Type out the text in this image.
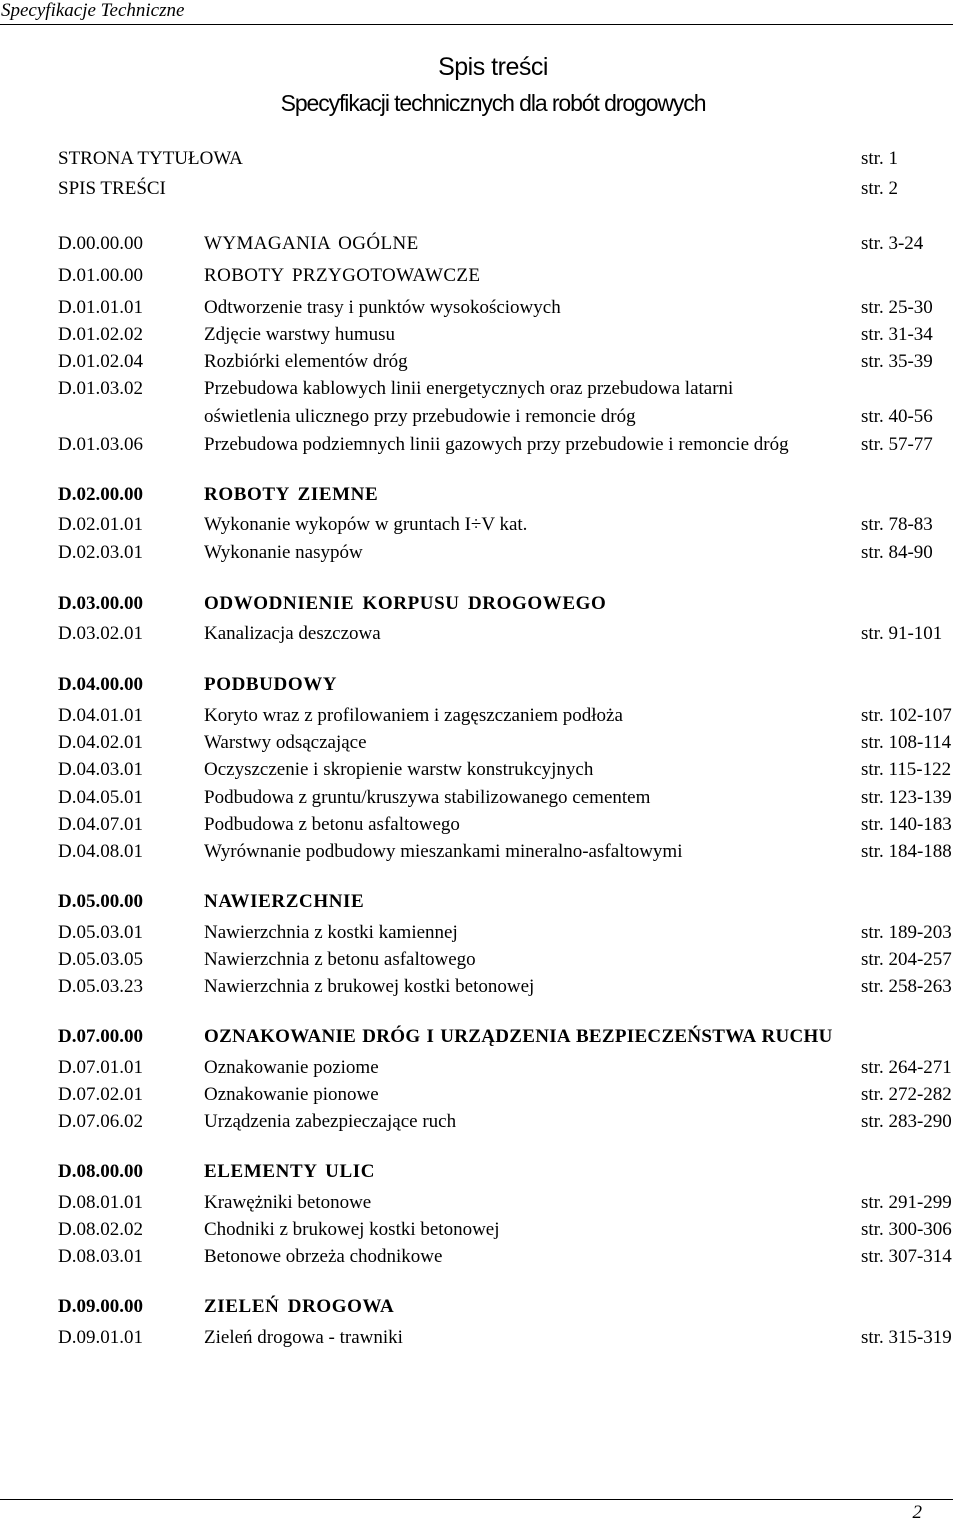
Specyfikacje Techniczne
Spis treści
Specyfikacji technicznych dla robót drogowych
STRONA TYTUŁOWA	str. 1
SPIS TREŚCI	str. 2
D.00.00.00	WYMAGANIA OGÓLNE	str. 3-24
D.01.00.00	ROBOTY PRZYGOTOWAWCZE
D.01.01.01	Odtworzenie trasy i punktów wysokościowych	str. 25-30
D.01.02.02	Zdjęcie warstwy humusu	str. 31-34
D.01.02.04	Rozbiórki elementów dróg	str. 35-39
D.01.03.02	Przebudowa kablowych linii energetycznych oraz przebudowa latarni
oświetlenia ulicznego przy przebudowie i remoncie dróg	str. 40-56
D.01.03.06	Przebudowa podziemnych linii gazowych przy przebudowie i remoncie dróg	str. 57-77
D.02.00.00	ROBOTY ZIEMNE
D.02.01.01	Wykonanie wykopów w gruntach I÷V kat.	str. 78-83
D.02.03.01	Wykonanie nasypów	str. 84-90
D.03.00.00	ODWODNIENIE KORPUSU DROGOWEGO
D.03.02.01	Kanalizacja deszczowa	str. 91-101
D.04.00.00	PODBUDOWY
D.04.01.01	Koryto wraz z profilowaniem i zagęszczaniem podłoża	str. 102-107
D.04.02.01	Warstwy odsączające	str. 108-114
D.04.03.01	Oczyszczenie i skropienie warstw konstrukcyjnych	str. 115-122
D.04.05.01	Podbudowa z gruntu/kruszywa stabilizowanego cementem	str. 123-139
D.04.07.01	Podbudowa z betonu asfaltowego	str. 140-183
D.04.08.01	Wyrównanie podbudowy mieszankami mineralno-asfaltowymi	str. 184-188
D.05.00.00	NAWIERZCHNIE
D.05.03.01	Nawierzchnia z kostki kamiennej	str. 189-203
D.05.03.05	Nawierzchnia z betonu asfaltowego	str. 204-257
D.05.03.23	Nawierzchnia z brukowej kostki betonowej	str. 258-263
D.07.00.00	OZNAKOWANIE DRÓG I URZĄDZENIA BEZPIECZEŃSTWA RUCHU
D.07.01.01	Oznakowanie poziome	str. 264-271
D.07.02.01	Oznakowanie pionowe	str. 272-282
D.07.06.02	Urządzenia zabezpieczające ruch	str. 283-290
D.08.00.00	ELEMENTY ULIC
D.08.01.01	Krawężniki betonowe	str. 291-299
D.08.02.02	Chodniki z brukowej kostki betonowej	str. 300-306
D.08.03.01	Betonowe obrzeża chodnikowe	str. 307-314
D.09.00.00	ZIELEŃ DROGOWA
D.09.01.01	Zieleń drogowa - trawniki	str. 315-319
2
